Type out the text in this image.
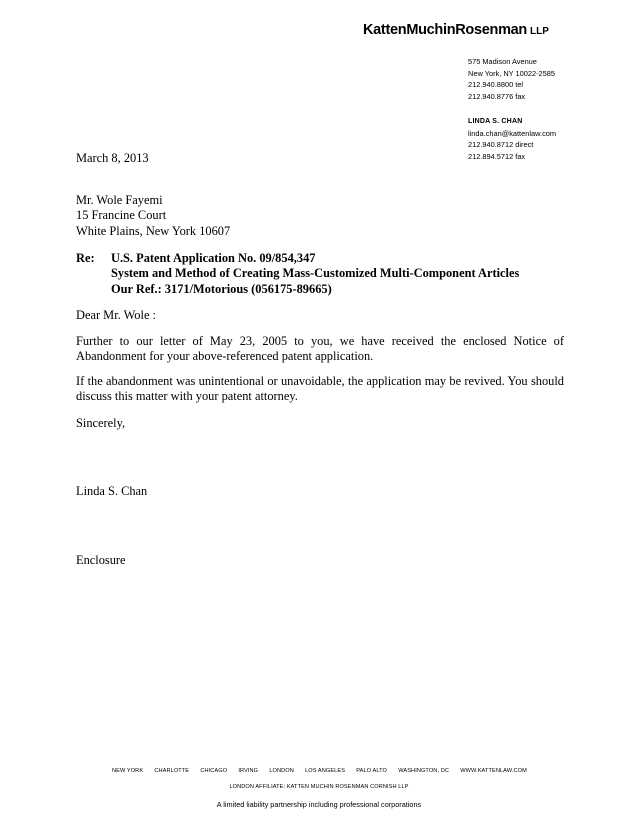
KattenMuchinRosenman LLP
575 Madison Avenue
New York, NY 10022-2585
212.940.8800 tel
212.940.8776 fax
LINDA S. CHAN
linda.chan@kattenlaw.com
212.940.8712 direct
212.894.5712 fax
March 8, 2013
Mr. Wole Fayemi
15 Francine Court
White Plains, New York 10607
Re: U.S. Patent Application No. 09/854,347
System and Method of Creating Mass-Customized Multi-Component Articles
Our Ref.: 3171/Motorious (056175-89665)
Dear Mr. Wole :
Further to our letter of May 23, 2005 to you, we have received the enclosed Notice of Abandonment for your above-referenced patent application.
If the abandonment was unintentional or unavoidable, the application may be revived. You should discuss this matter with your patent attorney.
Sincerely,
Linda S. Chan
Enclosure
NEW YORK CHARLOTTE CHICAGO IRVING LONDON LOS ANGELES PALO ALTO WASHINGTON, DC WWW.KATTENLAW.COM
LONDON AFFILIATE: KATTEN MUCHIN ROSENMAN CORNISH LLP
A limited liability partnership including professional corporations
